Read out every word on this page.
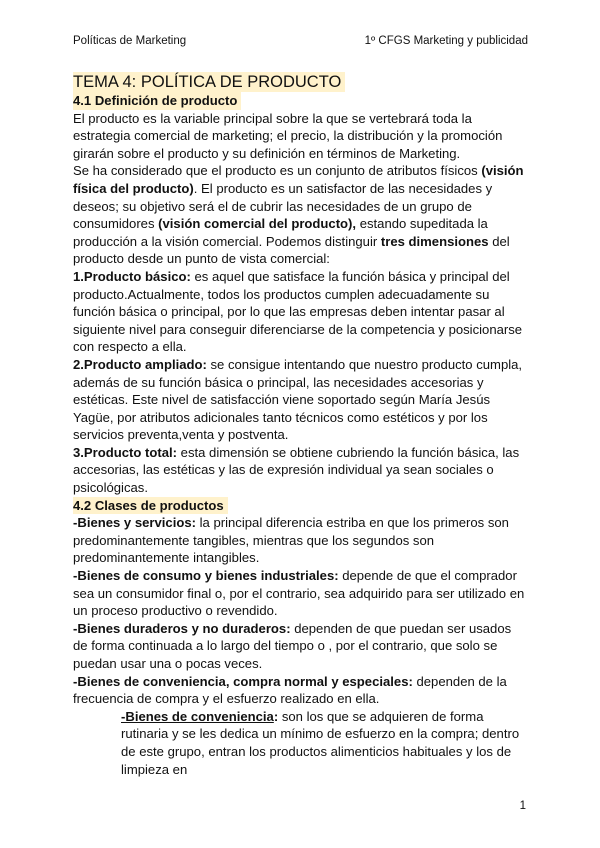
Políticas de Marketing	1º CFGS Marketing y publicidad

TEMA 4: POLÍTICA DE PRODUCTO

4.1 Definición de producto

El producto es la variable principal sobre la que se vertebrará toda la estrategia comercial de marketing; el precio, la distribución y la promoción girarán sobre el producto y su definición en términos de Marketing.

Se ha considerado que el producto es un conjunto de atributos físicos (visión física del producto). El producto es un satisfactor de las necesidades y deseos; su objetivo será el de cubrir las necesidades de un grupo de consumidores (visión comercial del producto), estando supeditada la producción a la visión comercial. Podemos distinguir tres dimensiones del producto desde un punto de vista comercial:

1.Producto básico: es aquel que satisface la función básica y principal del producto.Actualmente, todos los productos cumplen adecuadamente su función básica o principal, por lo que las empresas deben intentar pasar al siguiente nivel para conseguir diferenciarse de la competencia y posicionarse con respecto a ella.

2.Producto ampliado: se consigue intentando que nuestro producto cumpla, además de su función básica o principal, las necesidades accesorias y estéticas. Este nivel de satisfacción viene soportado según María Jesús Yagüe, por atributos adicionales tanto técnicos como estéticos y por los servicios preventa,venta y postventa.

3.Producto total: esta dimensión se obtiene cubriendo la función básica, las accesorias, las estéticas y las de expresión individual ya sean sociales o psicológicas.

4.2 Clases de productos

-Bienes y servicios: la principal diferencia estriba en que los primeros son predominantemente tangibles, mientras que los segundos son predominantemente intangibles.

-Bienes de consumo y bienes industriales: depende de que el comprador sea un consumidor final o, por el contrario, sea adquirido para ser utilizado en un proceso productivo o revendido.

-Bienes duraderos y no duraderos: dependen de que puedan ser usados de forma continuada a lo largo del tiempo o , por el contrario, que solo se puedan usar una o pocas veces.

-Bienes de conveniencia, compra normal y especiales: dependen de la frecuencia de compra y el esfuerzo realizado en ella.

-Bienes de conveniencia: son los que se adquieren de forma rutinaria y se les dedica un mínimo de esfuerzo en la compra; dentro de este grupo, entran los productos alimenticios habituales y los de limpieza en

1
